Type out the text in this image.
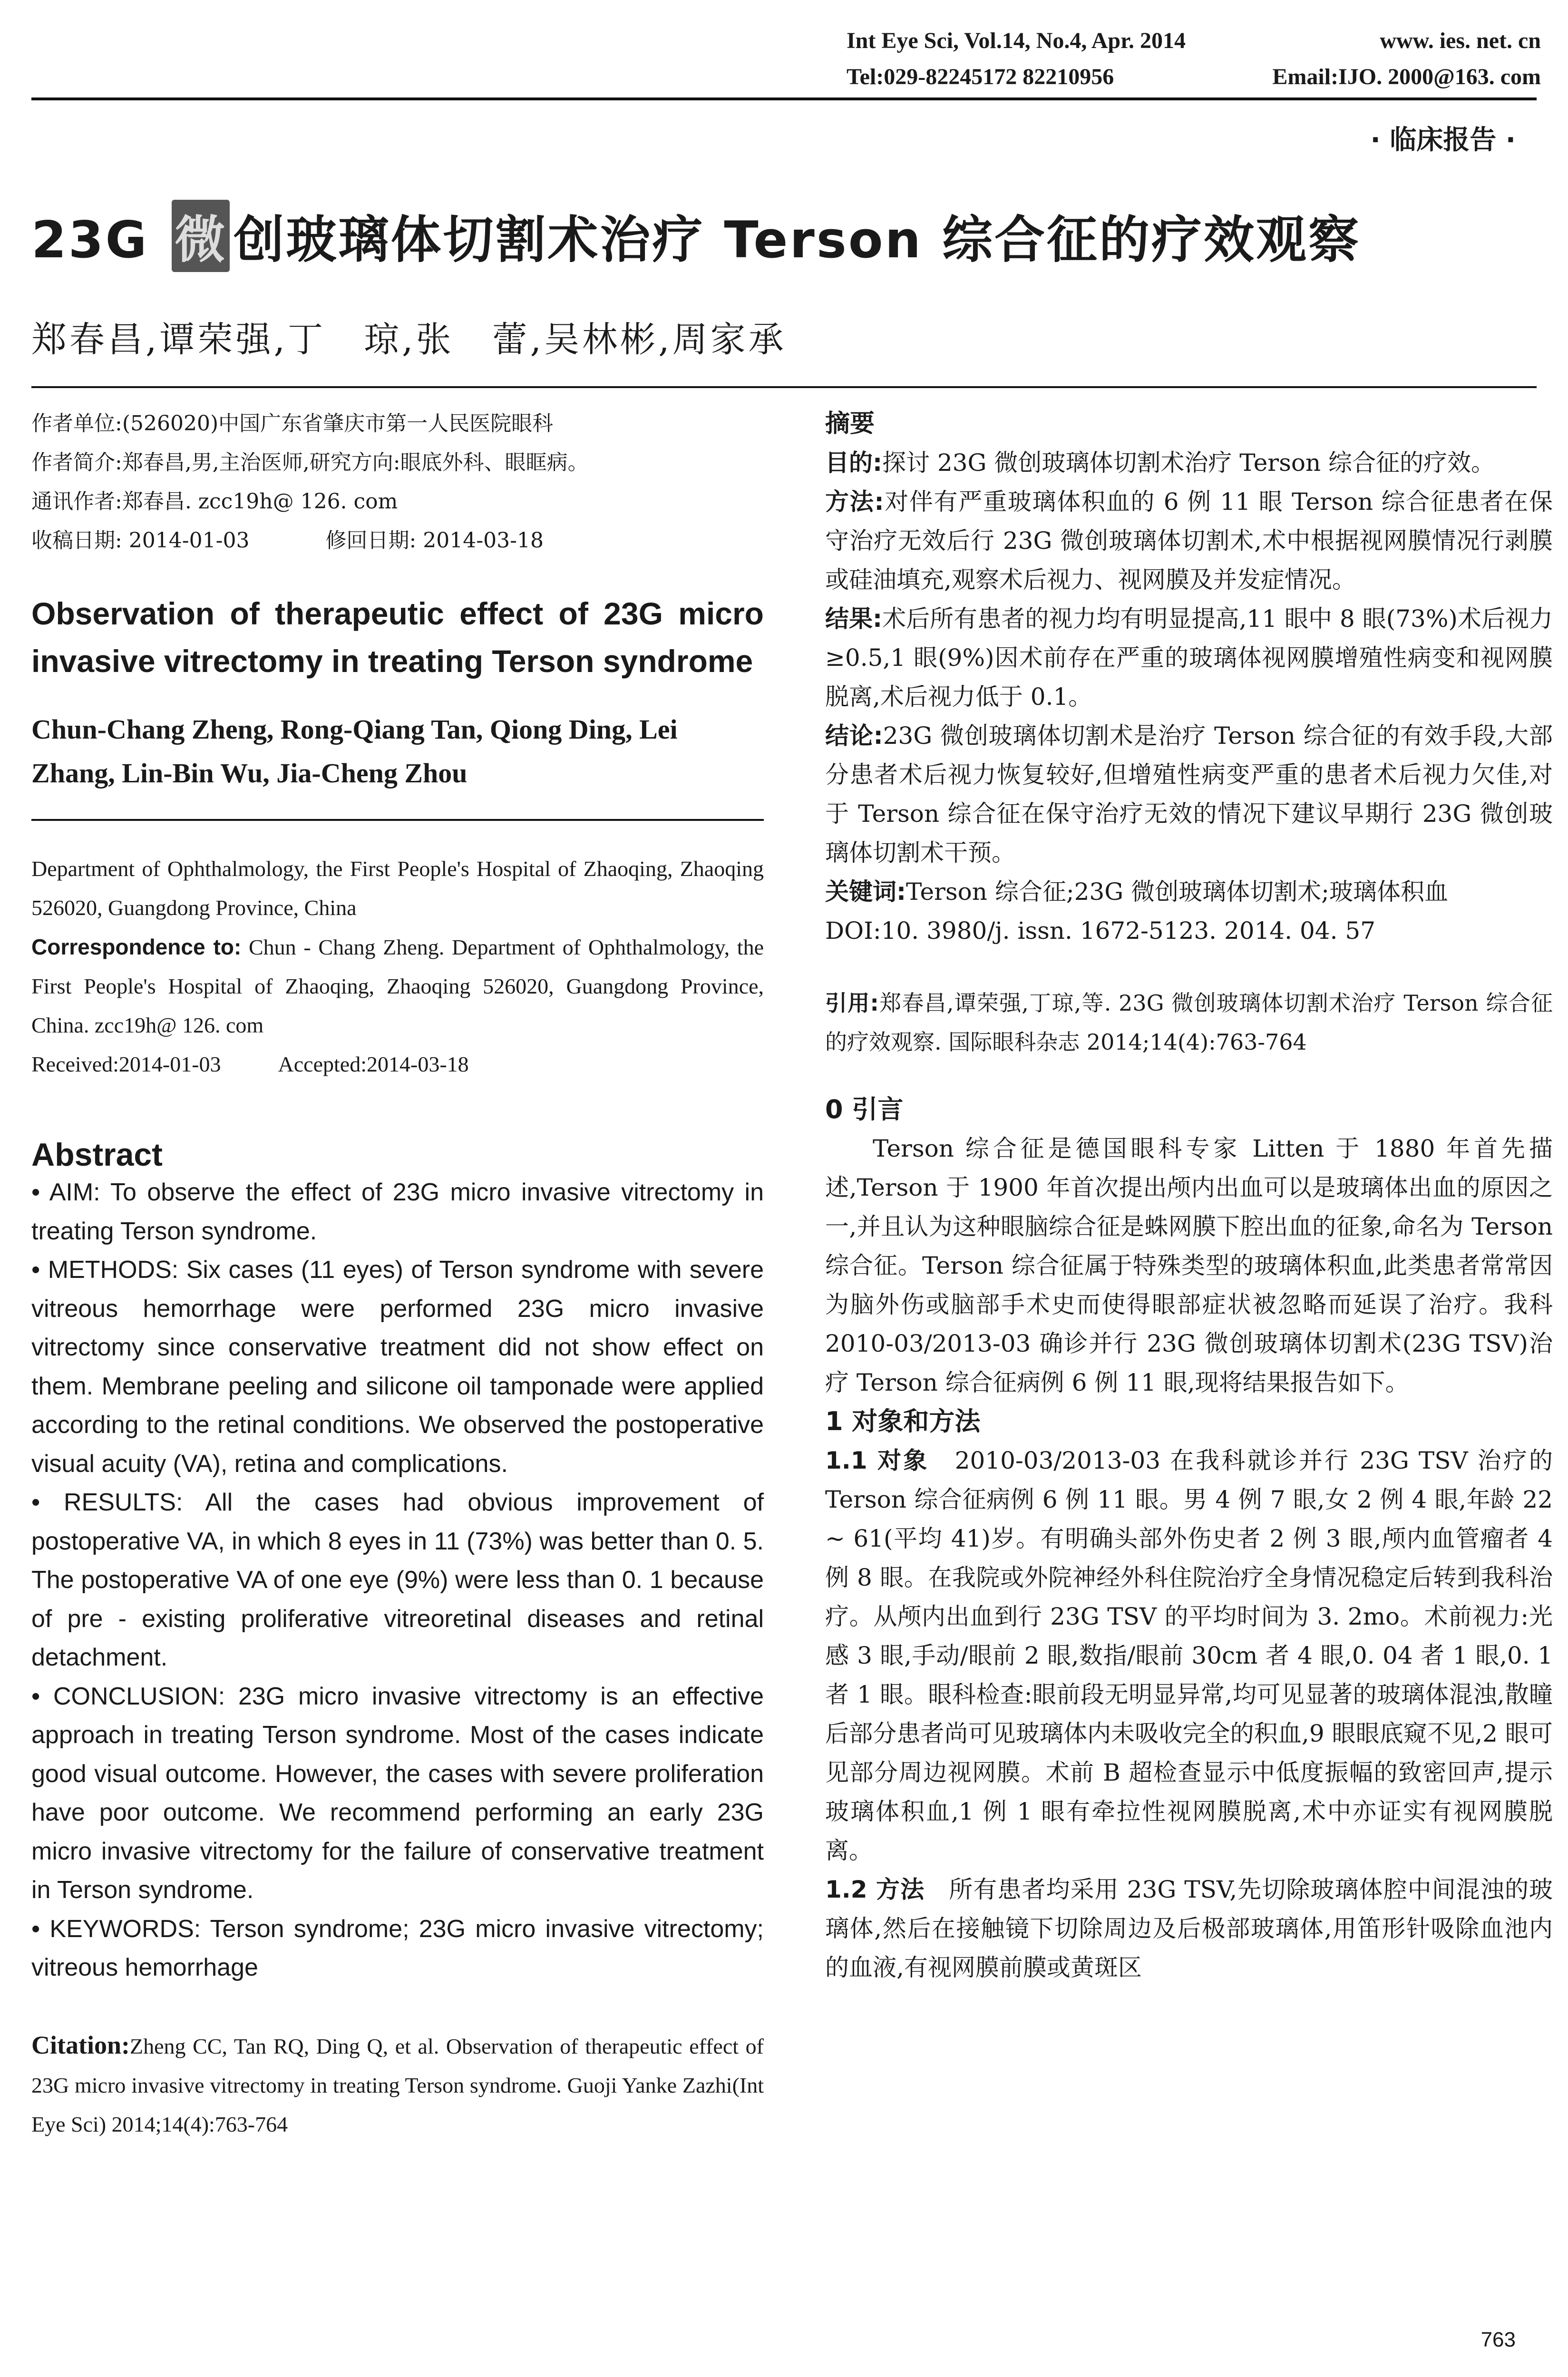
Int Eye Sci, Vol.14, No.4, Apr. 2014	www. ies. net. cn
Tel:029-82245172 82210956	Email:IJO. 2000@163. com
· 临床报告 ·
23G 微 创玻璃体切割术治疗 Terson 综合征的疗效观察
郑春昌,谭荣强,丁　琼,张　蕾,吴林彬,周家承
作者单位:(526020)中国广东省肇庆市第一人民医院眼科
作者简介:郑春昌,男,主治医师,研究方向:眼底外科、眼眶病。
通讯作者:郑春昌. zcc19h@ 126. com
收稿日期: 2014-01-03	修回日期: 2014-03-18
Observation of therapeutic effect of 23G micro invasive vitrectomy in treating Terson syndrome
Chun-Chang Zheng, Rong-Qiang Tan, Qiong Ding, Lei Zhang, Lin-Bin Wu, Jia-Cheng Zhou
Department of Ophthalmology, the First People's Hospital of Zhaoqing, Zhaoqing 526020, Guangdong Province, China
Correspondence to: Chun - Chang Zheng. Department of Ophthalmology, the First People's Hospital of Zhaoqing, Zhaoqing 526020, Guangdong Province, China. zcc19h@ 126. com
Received:2014-01-03	Accepted:2014-03-18
Abstract
• AIM: To observe the effect of 23G micro invasive vitrectomy in treating Terson syndrome.
• METHODS: Six cases (11 eyes) of Terson syndrome with severe vitreous hemorrhage were performed 23G micro invasive vitrectomy since conservative treatment did not show effect on them. Membrane peeling and silicone oil tamponade were applied according to the retinal conditions. We observed the postoperative visual acuity (VA), retina and complications.
• RESULTS: All the cases had obvious improvement of postoperative VA, in which 8 eyes in 11 (73%) was better than 0. 5. The postoperative VA of one eye (9%) were less than 0. 1 because of pre - existing proliferative vitreoretinal diseases and retinal detachment.
• CONCLUSION: 23G micro invasive vitrectomy is an effective approach in treating Terson syndrome. Most of the cases indicate good visual outcome. However, the cases with severe proliferation have poor outcome. We recommend performing an early 23G micro invasive vitrectomy for the failure of conservative treatment in Terson syndrome.
• KEYWORDS: Terson syndrome; 23G micro invasive vitrectomy; vitreous hemorrhage
Citation:Zheng CC, Tan RQ, Ding Q, et al. Observation of therapeutic effect of 23G micro invasive vitrectomy in treating Terson syndrome. Guoji Yanke Zazhi(Int Eye Sci) 2014;14(4):763-764
摘要
目的:探讨 23G 微创玻璃体切割术治疗 Terson 综合征的疗效。
方法:对伴有严重玻璃体积血的 6 例 11 眼 Terson 综合征患者在保守治疗无效后行 23G 微创玻璃体切割术,术中根据视网膜情况行剥膜或硅油填充,观察术后视力、视网膜及并发症情况。
结果:术后所有患者的视力均有明显提高,11 眼中 8 眼(73%)术后视力≥0.5,1 眼(9%)因术前存在严重的玻璃体视网膜增殖性病变和视网膜脱离,术后视力低于 0.1。
结论:23G 微创玻璃体切割术是治疗 Terson 综合征的有效手段,大部分患者术后视力恢复较好,但增殖性病变严重的患者术后视力欠佳,对于 Terson 综合征在保守治疗无效的情况下建议早期行 23G 微创玻璃体切割术干预。
关键词:Terson 综合征;23G 微创玻璃体切割术;玻璃体积血
DOI:10. 3980/j. issn. 1672-5123. 2014. 04. 57
引用:郑春昌,谭荣强,丁琼,等. 23G 微创玻璃体切割术治疗 Terson 综合征的疗效观察. 国际眼科杂志 2014;14(4):763-764
0 引言
Terson 综合征是德国眼科专家 Litten 于 1880 年首先描述,Terson 于 1900 年首次提出颅内出血可以是玻璃体出血的原因之一,并且认为这种眼脑综合征是蛛网膜下腔出血的征象,命名为 Terson 综合征。Terson 综合征属于特殊类型的玻璃体积血,此类患者常常因为脑外伤或脑部手术史而使得眼部症状被忽略而延误了治疗。我科 2010-03/2013-03 确诊并行 23G 微创玻璃体切割术(23G TSV)治疗 Terson 综合征病例 6 例 11 眼,现将结果报告如下。
1 对象和方法
1.1 对象　2010-03/2013-03 在我科就诊并行 23G TSV 治疗的 Terson 综合征病例 6 例 11 眼。男 4 例 7 眼,女 2 例 4 眼,年龄 22 ~ 61(平均 41)岁。有明确头部外伤史者 2 例 3 眼,颅内血管瘤者 4 例 8 眼。在我院或外院神经外科住院治疗全身情况稳定后转到我科治疗。从颅内出血到行 23G TSV 的平均时间为 3. 2mo。术前视力:光感 3 眼,手动/眼前 2 眼,数指/眼前 30cm 者 4 眼,0. 04 者 1 眼,0. 1 者 1 眼。眼科检查:眼前段无明显异常,均可见显著的玻璃体混浊,散瞳后部分患者尚可见玻璃体内未吸收完全的积血,9 眼眼底窥不见,2 眼可见部分周边视网膜。术前 B 超检查显示中低度振幅的致密回声,提示玻璃体积血,1 例 1 眼有牵拉性视网膜脱离,术中亦证实有视网膜脱离。
1.2 方法　所有患者均采用 23G TSV,先切除玻璃体腔中间混浊的玻璃体,然后在接触镜下切除周边及后极部玻璃体,用笛形针吸除血池内的血液,有视网膜前膜或黄斑区
763
